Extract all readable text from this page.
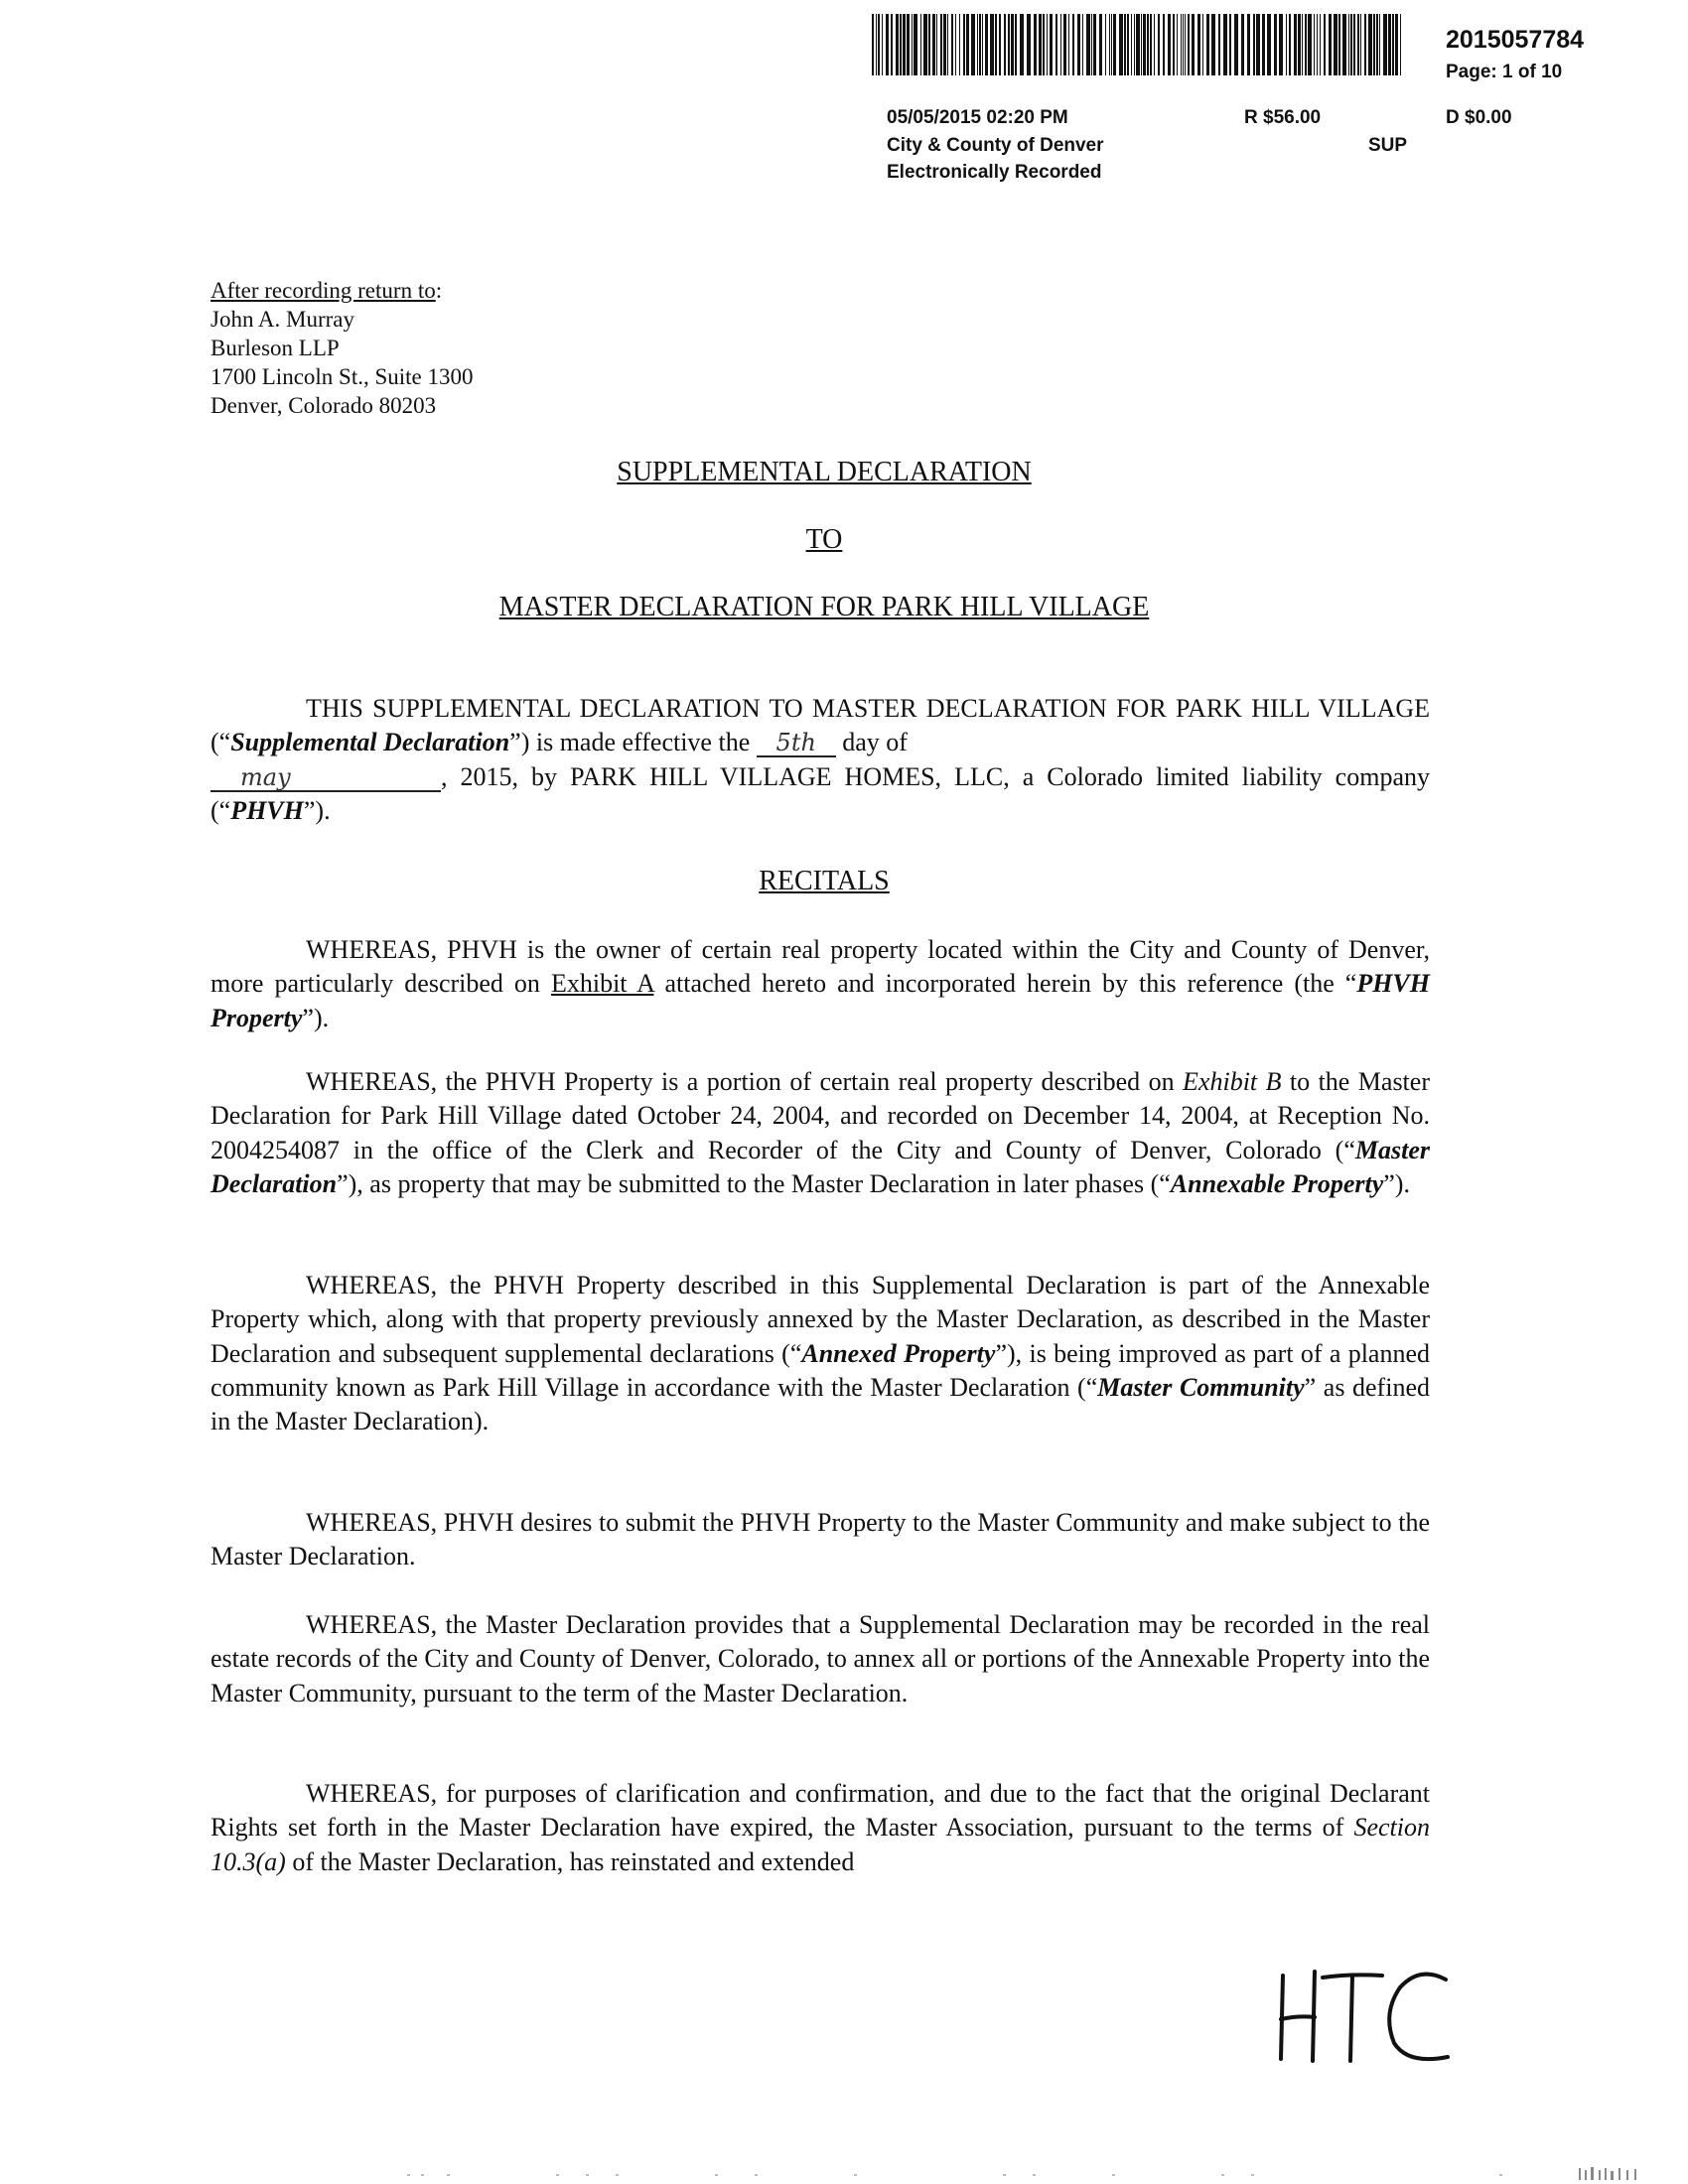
2015057784
Page: 1 of 10
05/05/2015 02:20 PM	R $56.00	D $0.00
City & County of Denver	SUP
Electronically Recorded
After recording return to:
John A. Murray
Burleson LLP
1700 Lincoln St., Suite 1300
Denver, Colorado 80203
SUPPLEMENTAL DECLARATION
TO
MASTER DECLARATION FOR PARK HILL VILLAGE
THIS SUPPLEMENTAL DECLARATION TO MASTER DECLARATION FOR PARK HILL VILLAGE (“Supplemental Declaration”) is made effective the 5th day of
may	, 2015, by PARK HILL VILLAGE HOMES, LLC, a Colorado limited liability company (“PHVH”).
RECITALS
WHEREAS, PHVH is the owner of certain real property located within the City and County of Denver, more particularly described on Exhibit A attached hereto and incorporated herein by this reference (the “PHVH Property”).
WHEREAS, the PHVH Property is a portion of certain real property described on Exhibit B to the Master Declaration for Park Hill Village dated October 24, 2004, and recorded on December 14, 2004, at Reception No. 2004254087 in the office of the Clerk and Recorder of the City and County of Denver, Colorado (“Master Declaration”), as property that may be submitted to the Master Declaration in later phases (“Annexable Property”).
WHEREAS, the PHVH Property described in this Supplemental Declaration is part of the Annexable Property which, along with that property previously annexed by the Master Declaration, as described in the Master Declaration and subsequent supplemental declarations (“Annexed Property”), is being improved as part of a planned community known as Park Hill Village in accordance with the Master Declaration (“Master Community” as defined in the Master Declaration).
WHEREAS, PHVH desires to submit the PHVH Property to the Master Community and make subject to the Master Declaration.
WHEREAS, the Master Declaration provides that a Supplemental Declaration may be recorded in the real estate records of the City and County of Denver, Colorado, to annex all or portions of the Annexable Property into the Master Community, pursuant to the term of the Master Declaration.
WHEREAS, for purposes of clarification and confirmation, and due to the fact that the original Declarant Rights set forth in the Master Declaration have expired, the Master Association, pursuant to the terms of Section 10.3(a) of the Master Declaration, has reinstated and extended
